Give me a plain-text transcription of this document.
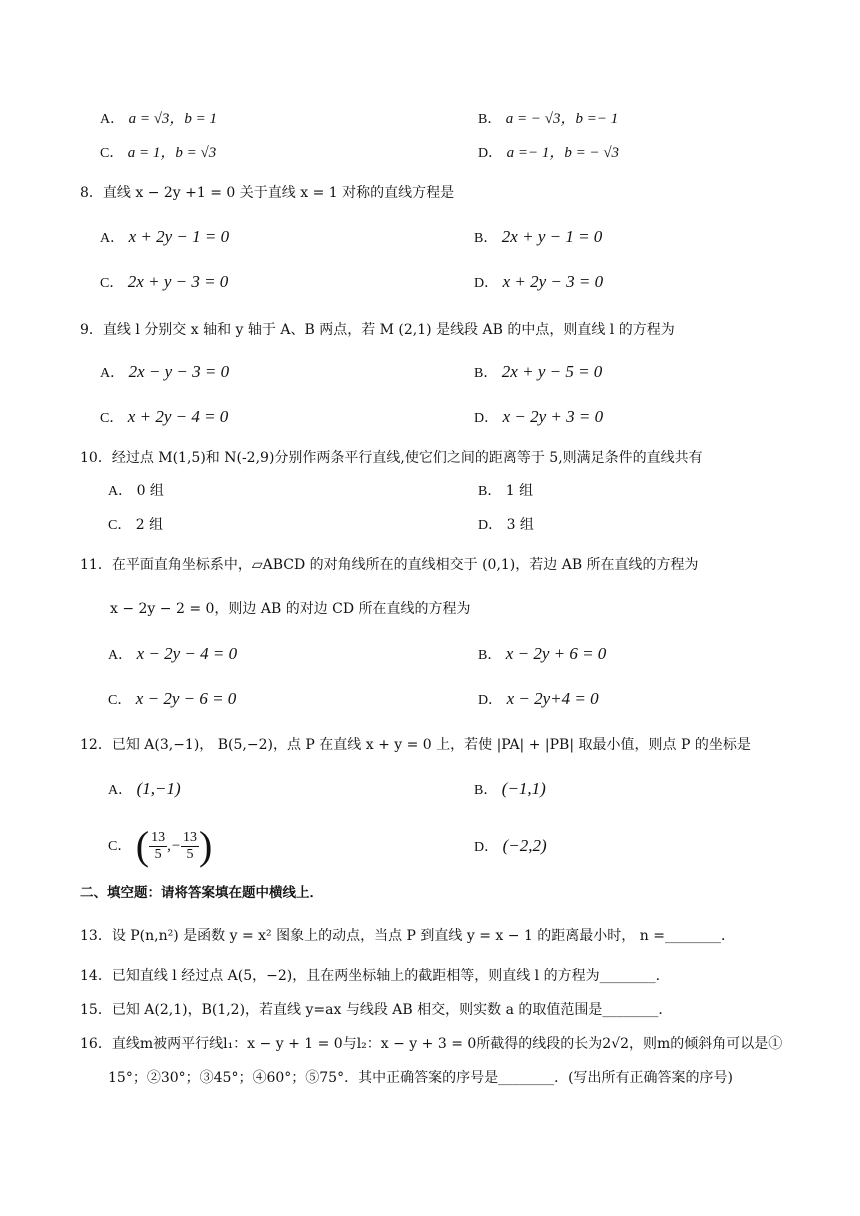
A． a = √3，b = 1	B． a = − √3，b =− 1
C． a = 1，b = √3	D． a =− 1，b = − √3
8．直线 x − 2y +1 = 0 关于直线 x = 1 对称的直线方程是
A． x + 2y − 1 = 0	B． 2x + y − 1 = 0
C． 2x + y − 3 = 0	D． x + 2y − 3 = 0
9．直线 l 分别交 x 轴和 y 轴于 A、B 两点，若 M (2,1) 是线段 AB 的中点，则直线 l 的方程为
A． 2x − y − 3 = 0	B． 2x + y − 5 = 0
C． x + 2y − 4 = 0	D． x − 2y + 3 = 0
10．经过点 M(1,5)和 N(-2,9)分别作两条平行直线,使它们之间的距离等于 5,则满足条件的直线共有
A． 0 组	B． 1 组
C． 2 组	D． 3 组
11．在平面直角坐标系中，▱ABCD 的对角线所在的直线相交于 (0,1)，若边 AB 所在直线的方程为
x − 2y − 2 = 0，则边 AB 的对边 CD 所在直线的方程为
A． x − 2y − 4 = 0	B． x − 2y + 6 = 0
C． x − 2y − 6 = 0	D． x − 2y+4 = 0
12．已知 A(3,−1)， B(5,−2)，点 P 在直线 x + y = 0 上，若使 |PA| + |PB| 取最小值，则点 P 的坐标是
A． (1,−1)	B． (−1,1)
C． ( $\frac{13}{5}$ ,− $\frac{13}{5}$ )	D． (−2,2)
二、填空题：请将答案填在题中横线上．
13．设 P(n,n²) 是函数 y = x² 图象上的动点，当点 P 到直线 y = x − 1 的距离最小时， n =________．
14．已知直线 l 经过点 A(5，−2)，且在两坐标轴上的截距相等，则直线 l 的方程为________.
15．已知 A(2,1)，B(1,2)，若直线 y=ax 与线段 AB 相交，则实数 a 的取值范围是________．
16．直线m被两平行线l₁：x − y + 1 = 0与l₂：x − y + 3 = 0所截得的线段的长为2√2，则m的倾斜角可以是①
15°；②30°；③45°；④60°；⑤75°．其中正确答案的序号是________．(写出所有正确答案的序号)
